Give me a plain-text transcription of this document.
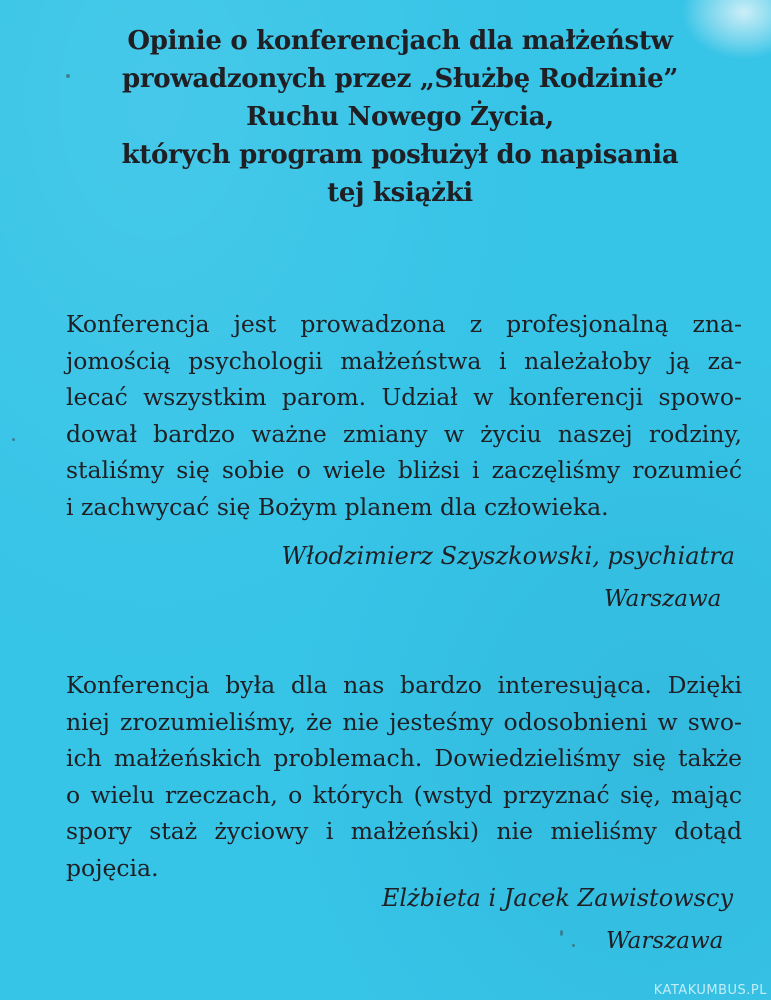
Opinie o konferencjach dla małżeństw
prowadzonych przez „Służbę Rodzinie”
Ruchu Nowego Życia,
których program posłużył do napisania
tej książki
Konferencja jest prowadzona z profesjonalną zna-
jomością psychologii małżeństwa i należałoby ją za-
lecać wszystkim parom. Udział w konferencji spowo-
dował bardzo ważne zmiany w życiu naszej rodziny,
staliśmy się sobie o wiele bliżsi i zaczęliśmy rozumieć
i zachwycać się Bożym planem dla człowieka.
Włodzimierz Szyszkowski, psychiatra
Warszawa
Konferencja była dla nas bardzo interesująca. Dzięki
niej zrozumieliśmy, że nie jesteśmy odosobnieni w swo-
ich małżeńskich problemach. Dowiedzieliśmy się także
o wielu rzeczach, o których (wstyd przyznać się, mając
spory staż życiowy i małżeński) nie mieliśmy dotąd
pojęcia.
Elżbieta i Jacek Zawistowscy
Warszawa
KATAKUMBUS.PL
